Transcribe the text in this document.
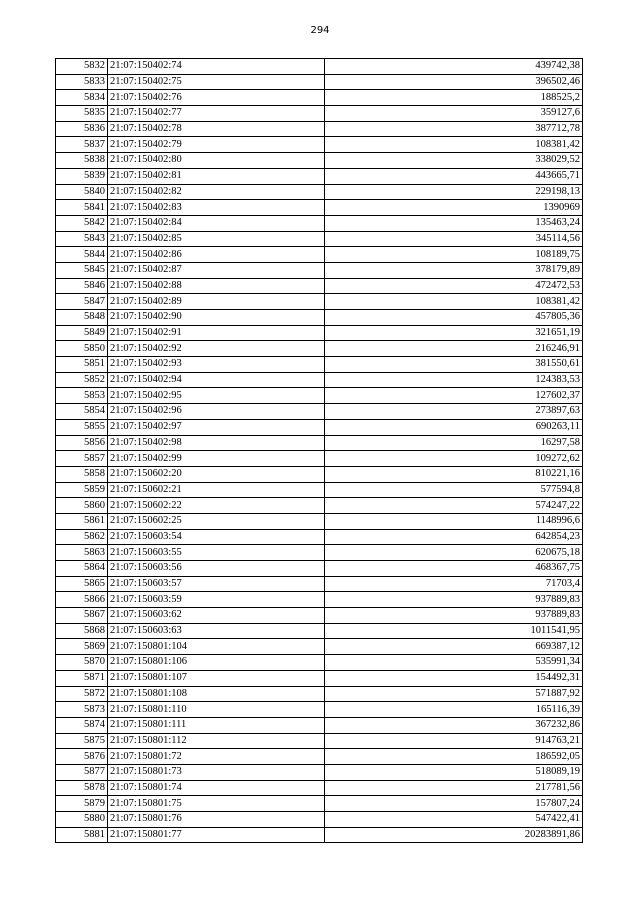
294
5832	21:07:150402:74	439742,38
5833	21:07:150402:75	396502,46
5834	21:07:150402:76	188525,2
5835	21:07:150402:77	359127,6
5836	21:07:150402:78	387712,78
5837	21:07:150402:79	108381,42
5838	21:07:150402:80	338029,52
5839	21:07:150402:81	443665,71
5840	21:07:150402:82	229198,13
5841	21:07:150402:83	1390969
5842	21:07:150402:84	135463,24
5843	21:07:150402:85	345114,56
5844	21:07:150402:86	108189,75
5845	21:07:150402:87	378179,89
5846	21:07:150402:88	472472,53
5847	21:07:150402:89	108381,42
5848	21:07:150402:90	457805,36
5849	21:07:150402:91	321651,19
5850	21:07:150402:92	216246,91
5851	21:07:150402:93	381550,61
5852	21:07:150402:94	124383,53
5853	21:07:150402:95	127602,37
5854	21:07:150402:96	273897,63
5855	21:07:150402:97	690263,11
5856	21:07:150402:98	16297,58
5857	21:07:150402:99	109272,62
5858	21:07:150602:20	810221,16
5859	21:07:150602:21	577594,8
5860	21:07:150602:22	574247,22
5861	21:07:150602:25	1148996,6
5862	21:07:150603:54	642854,23
5863	21:07:150603:55	620675,18
5864	21:07:150603:56	468367,75
5865	21:07:150603:57	71703,4
5866	21:07:150603:59	937889,83
5867	21:07:150603:62	937889,83
5868	21:07:150603:63	1011541,95
5869	21:07:150801:104	669387,12
5870	21:07:150801:106	535991,34
5871	21:07:150801:107	154492,31
5872	21:07:150801:108	571887,92
5873	21:07:150801:110	165116,39
5874	21:07:150801:111	367232,86
5875	21:07:150801:112	914763,21
5876	21:07:150801:72	186592,05
5877	21:07:150801:73	518089,19
5878	21:07:150801:74	217781,56
5879	21:07:150801:75	157807,24
5880	21:07:150801:76	547422,41
5881	21:07:150801:77	20283891,86
